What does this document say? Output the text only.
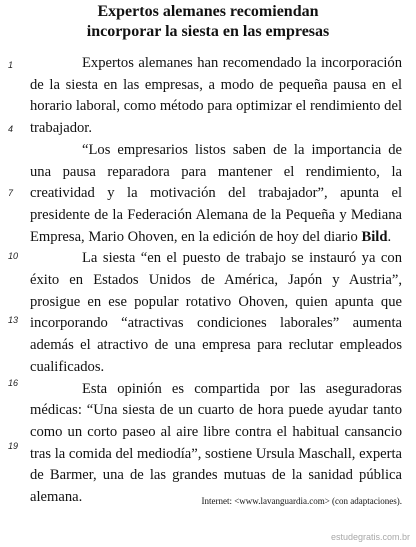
Expertos alemanes recomiendan
incorporar la siesta en las empresas
1
4
7
10
13
16
19

Expertos alemanes han recomendado la incorporación de la siesta en las empresas, a modo de pequeña pausa en el horario laboral, como método para optimizar el rendimiento del trabajador.

“Los empresarios listos saben de la importancia de una pausa reparadora para mantener el rendimiento, la creatividad y la motivación del trabajador”, apunta el presidente de la Federación Alemana de la Pequeña y Mediana Empresa, Mario Ohoven, en la edición de hoy del diario Bild.

La siesta “en el puesto de trabajo se instauró ya con éxito en Estados Unidos de América, Japón y Austria”, prosigue en ese popular rotativo Ohoven, quien apunta que incorporando “atractivas condiciones laborales” aumenta además el atractivo de una empresa para reclutar empleados cualificados.

Esta opinión es compartida por las aseguradoras médicas: “Una siesta de un cuarto de hora puede ayudar tanto como un corto paseo al aire libre contra el habitual cansancio tras la comida del mediodía”, sostiene Ursula Maschall, experta de Barmer, una de las grandes mutuas de la sanidad pública alemana.	Internet: <www.lavanguardia.com> (con adaptaciones).
estudegratis.com.br
